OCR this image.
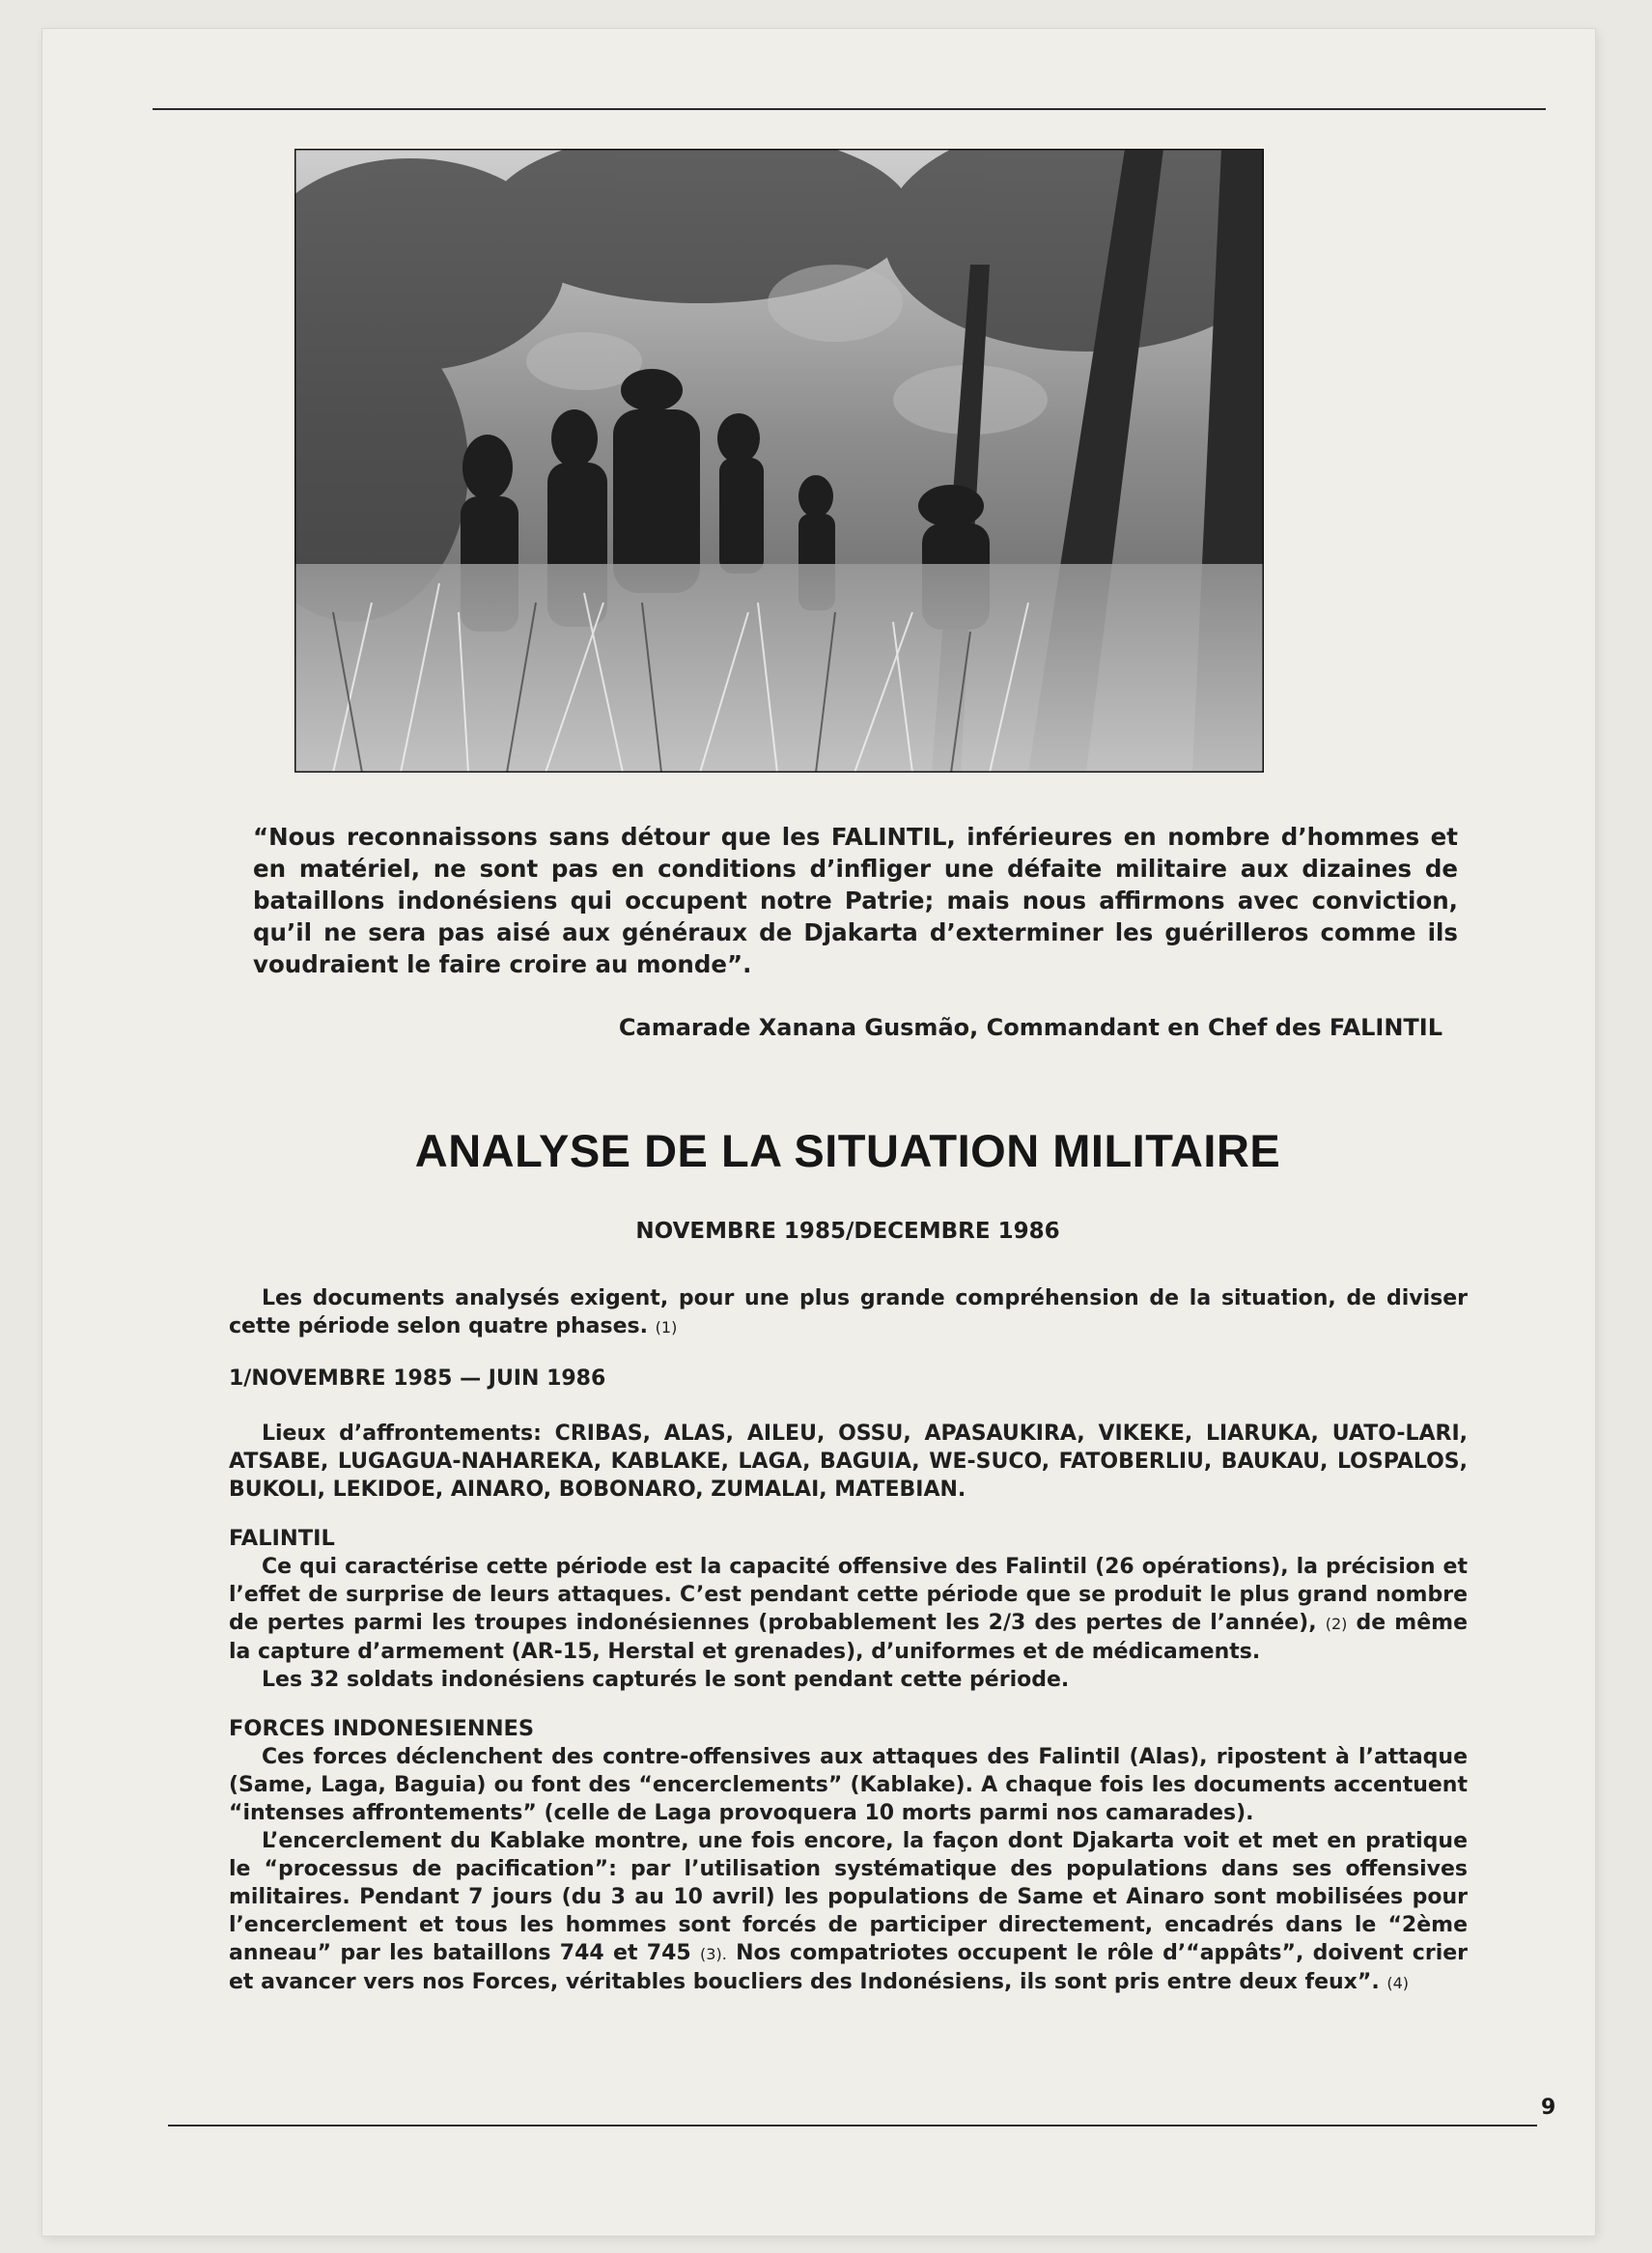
“Nous reconnaissons sans détour que les FALINTIL, inférieures en nombre d’hommes et en matériel, ne sont pas en conditions d’infliger une défaite militaire aux dizaines de bataillons indonésiens qui occupent notre Patrie; mais nous affirmons avec conviction, qu’il ne sera pas aisé aux généraux de Djakarta d’exterminer les guérilleros comme ils voudraient le faire croire au monde”.

Camarade Xanana Gusmão, Commandant en Chef des FALINTIL
ANALYSE DE LA SITUATION MILITAIRE
NOVEMBRE 1985/DECEMBRE 1986

Les documents analysés exigent, pour une plus grande compréhension de la situation, de diviser cette période selon quatre phases. (1)

1/NOVEMBRE 1985 — JUIN 1986

Lieux d’affrontements: CRIBAS, ALAS, AILEU, OSSU, APASAUKIRA, VIKEKE, LIARUKA, UATO-LARI, ATSABE, LUGAGUA-NAHAREKA, KABLAKE, LAGA, BAGUIA, WE-SUCO, FATOBERLIU, BAUKAU, LOSPALOS, BUKOLI, LEKIDOE, AINARO, BOBONARO, ZUMALAI, MATEBIAN.

FALINTIL

Ce qui caractérise cette période est la capacité offensive des Falintil (26 opérations), la précision et l’effet de surprise de leurs attaques. C’est pendant cette période que se produit le plus grand nombre de pertes parmi les troupes indonésiennes (probablement les 2/3 des pertes de l’année), (2) de même la capture d’armement (AR-15, Herstal et grenades), d’uniformes et de médicaments.

Les 32 soldats indonésiens capturés le sont pendant cette période.

FORCES INDONESIENNES

Ces forces déclenchent des contre-offensives aux attaques des Falintil (Alas), ripostent à l’attaque (Same, Laga, Baguia) ou font des “encerclements” (Kablake). A chaque fois les documents accentuent “intenses affrontements” (celle de Laga provoquera 10 morts parmi nos camarades).

L’encerclement du Kablake montre, une fois encore, la façon dont Djakarta voit et met en pratique le “processus de pacification”: par l’utilisation systématique des populations dans ses offensives militaires. Pendant 7 jours (du 3 au 10 avril) les populations de Same et Ainaro sont mobilisées pour l’encerclement et tous les hommes sont forcés de participer directement, encadrés dans le “2ème anneau” par les bataillons 744 et 745 (3). Nos compatriotes occupent le rôle d’“appâts”, doivent crier et avancer vers nos Forces, véritables boucliers des Indonésiens, ils sont pris entre deux feux”. (4)

9
